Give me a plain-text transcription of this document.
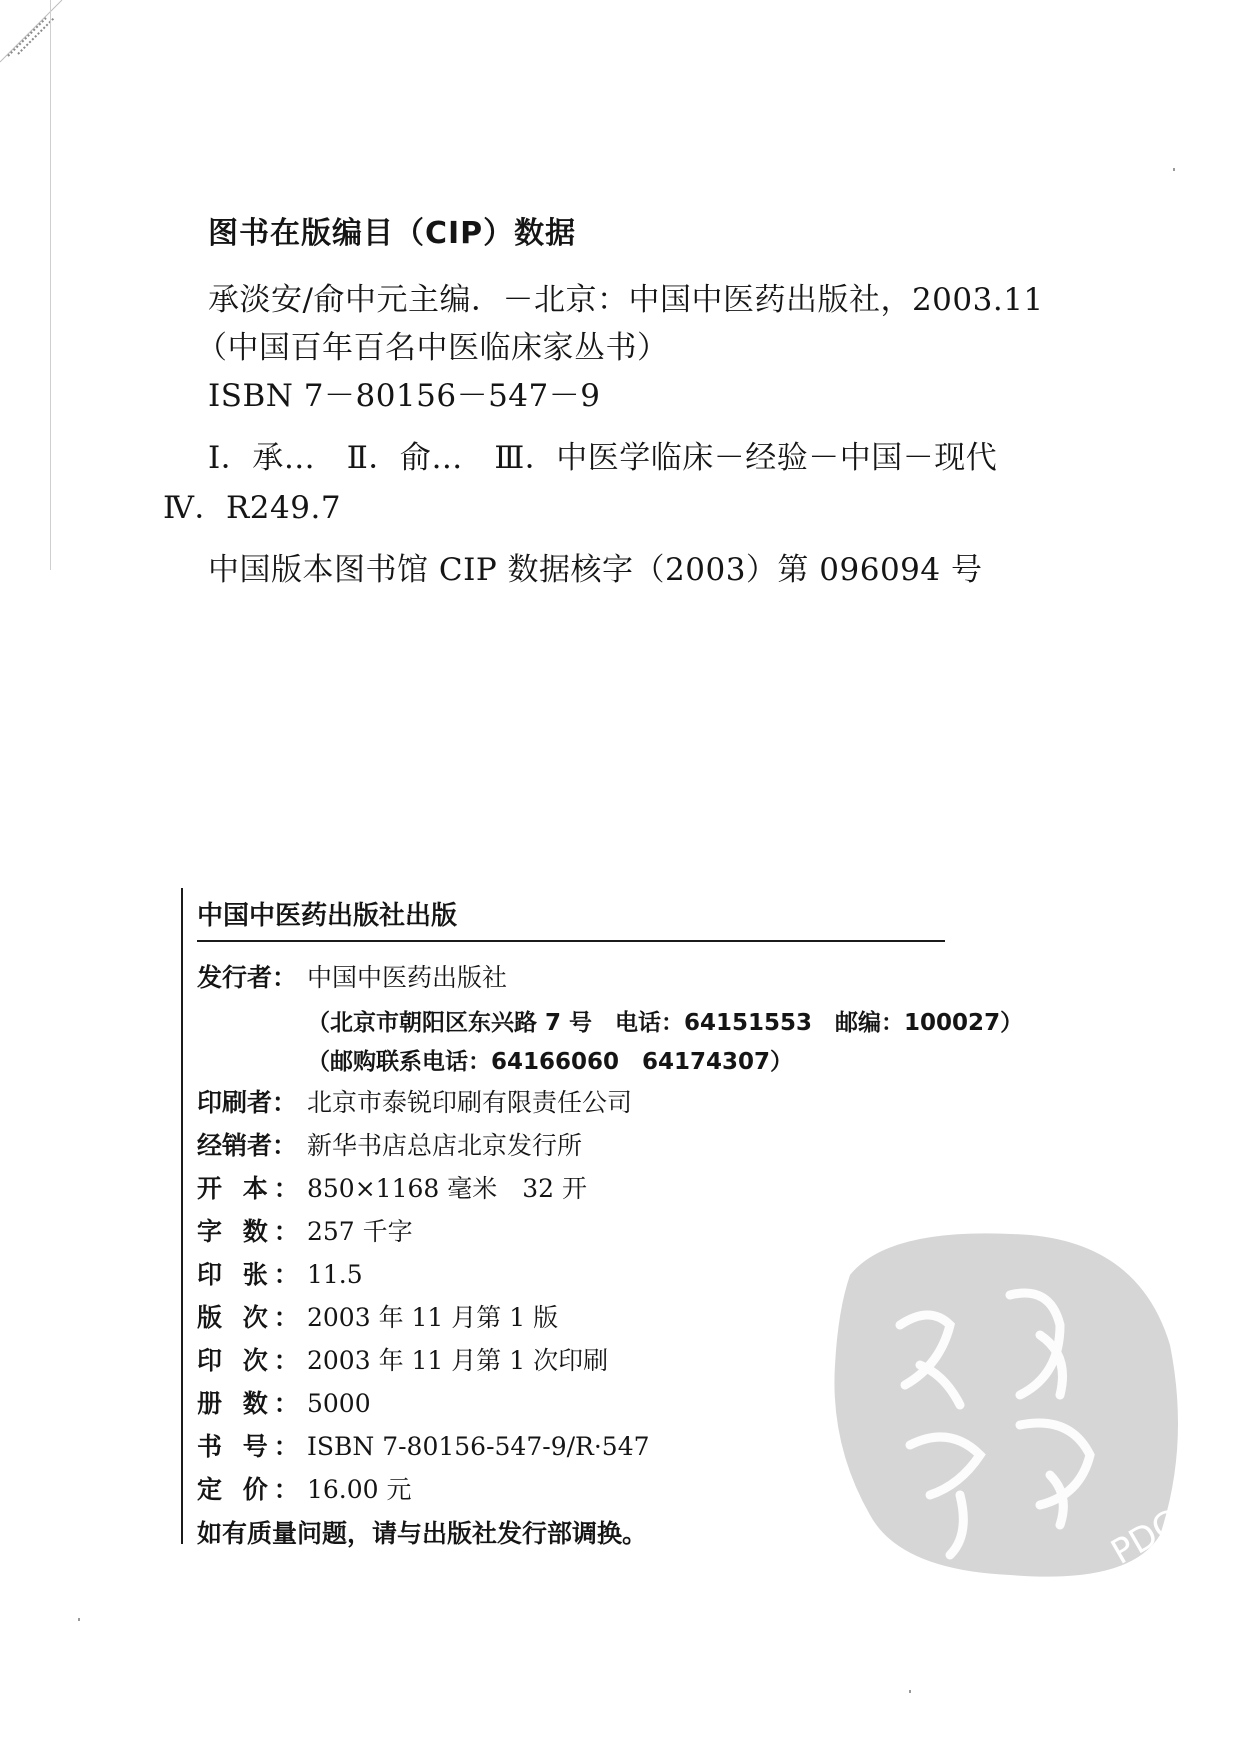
图书在版编目（CIP）数据
承淡安/俞中元主编．－北京：中国中医药出版社，2003.11
（中国百年百名中医临床家丛书）
ISBN 7－80156－547－9
Ⅰ．承…　Ⅱ．俞…　Ⅲ．中医学临床－经验－中国－现代
Ⅳ．R249.7
中国版本图书馆 CIP 数据核字（2003）第 096094 号
中国中医药出版社出版
发行者： 中国中医药出版社
（北京市朝阳区东兴路 7 号　电话：64151553　邮编：100027）
（邮购联系电话：64166060　64174307）
印刷者： 北京市泰锐印刷有限责任公司
经销者： 新华书店总店北京发行所
开 本：850×1168 毫米　32 开
字 数：257 千字
印 张：11.5
版 次：2003 年 11 月第 1 版
印 次：2003 年 11 月第 1 次印刷
册 数：5000
书 号：ISBN 7-80156-547-9/R·547
定 价：16.00 元
如有质量问题，请与出版社发行部调换。	PDG
